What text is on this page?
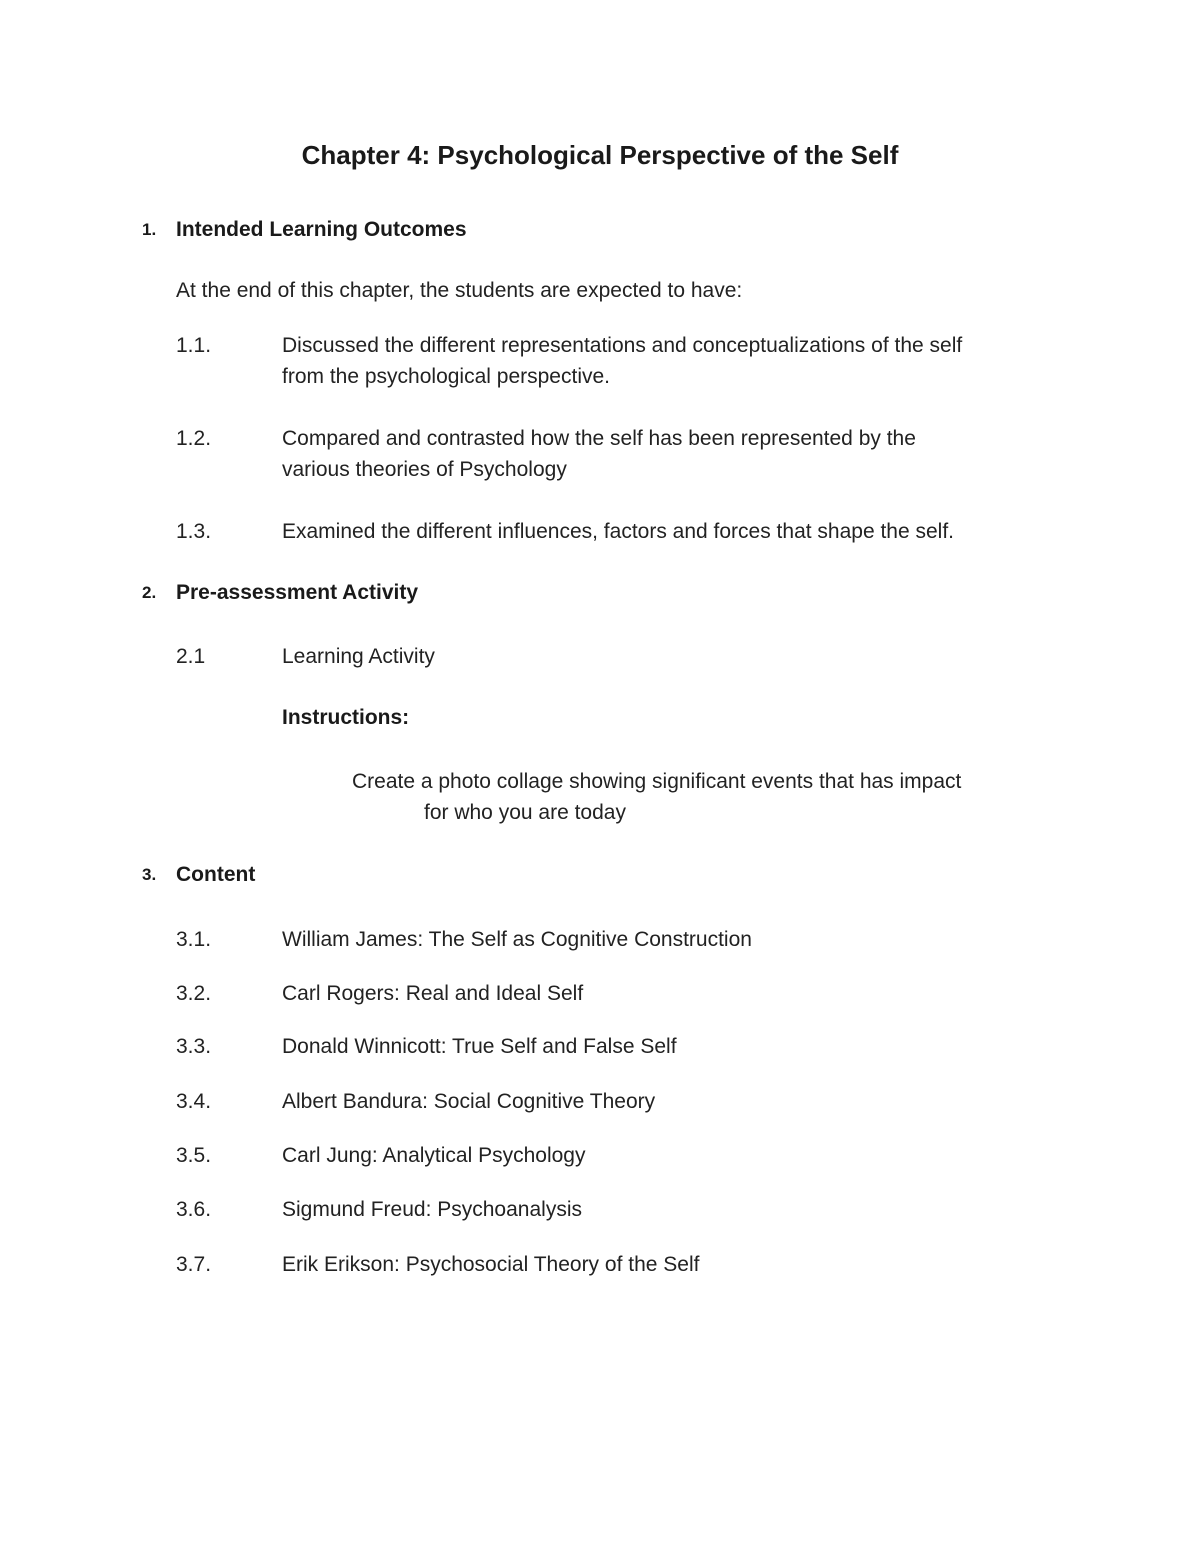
Chapter 4: Psychological Perspective of the Self
1. Intended Learning Outcomes
At the end of this chapter, the students are expected to have:
1.1.	Discussed the different representations and conceptualizations of the self
from the psychological perspective.
1.2.	Compared and contrasted how the self has been represented by the
various theories of Psychology
1.3.	Examined the different influences, factors and forces that shape the self.
2. Pre-assessment Activity
2.1	Learning Activity
Instructions:
Create a photo collage showing significant events that has impact
for who you are today
3. Content
3.1.	William James: The Self as Cognitive Construction
3.2.	Carl Rogers: Real and Ideal Self
3.3.	Donald Winnicott: True Self and False Self
3.4.	Albert Bandura: Social Cognitive Theory
3.5.	Carl Jung: Analytical Psychology
3.6.	Sigmund Freud: Psychoanalysis
3.7.	Erik Erikson: Psychosocial Theory of the Self
